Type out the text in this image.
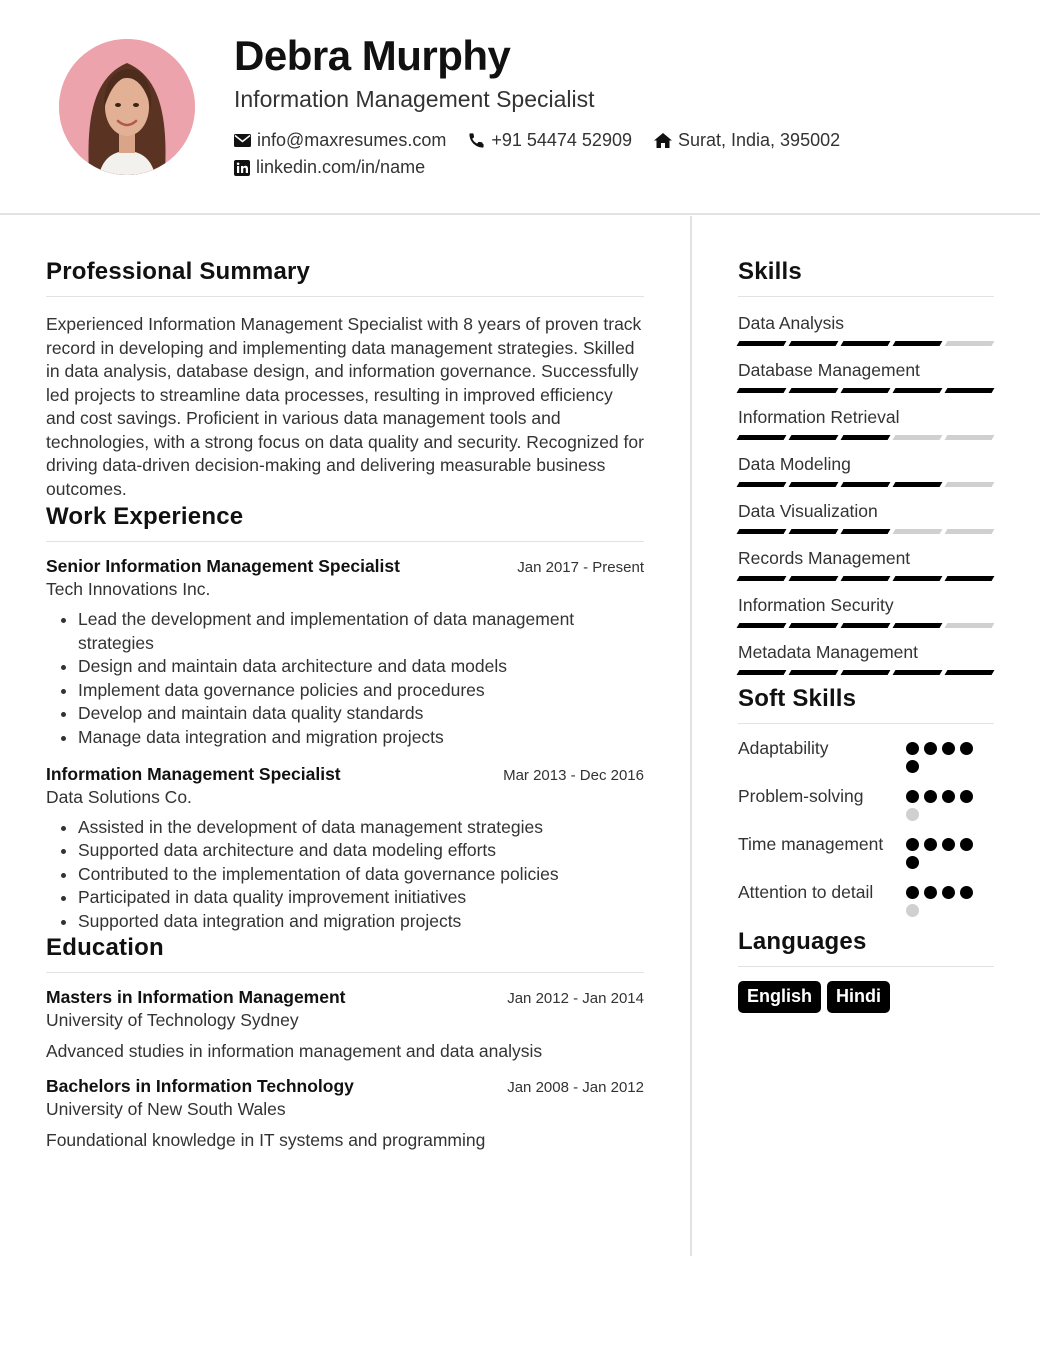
Debra Murphy
Information Management Specialist
info@maxresumes.com	+91 54474 52909	Surat, India, 395002
linkedin.com/in/name
Professional Summary

Experienced Information Management Specialist with 8 years of proven track record in developing and implementing data management strategies. Skilled in data analysis, database design, and information governance. Successfully led projects to streamline data processes, resulting in improved efficiency and cost savings. Proficient in various data management tools and technologies, with a strong focus on data quality and security. Recognized for driving data-driven decision-making and delivering measurable business outcomes.

Work Experience
Senior Information Management Specialist	Jan 2017 - Present
Tech Innovations Inc.
• Lead the development and implementation of data management strategies
• Design and maintain data architecture and data models
• Implement data governance policies and procedures
• Develop and maintain data quality standards
• Manage data integration and migration projects
Information Management Specialist	Mar 2013 - Dec 2016
Data Solutions Co.
• Assisted in the development of data management strategies
• Supported data architecture and data modeling efforts
• Contributed to the implementation of data governance policies
• Participated in data quality improvement initiatives
• Supported data integration and migration projects
Education
Masters in Information Management	Jan 2012 - Jan 2014
University of Technology Sydney
Advanced studies in information management and data analysis
Bachelors in Information Technology	Jan 2008 - Jan 2012
University of New South Wales
Foundational knowledge in IT systems and programming
Skills
Data Analysis
Database Management
Information Retrieval
Data Modeling
Data Visualization
Records Management
Information Security
Metadata Management
Soft Skills
Adaptability
Problem-solving
Time management
Attention to detail
Languages
English	Hindi
